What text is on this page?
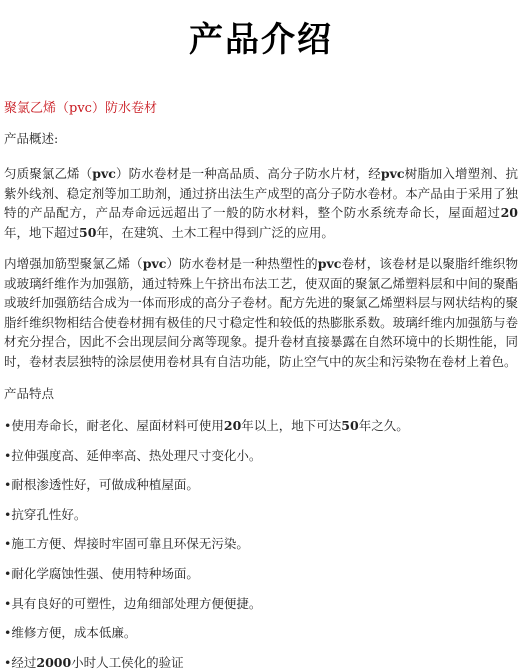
产品介绍
聚氯乙烯（pvc）防水卷材

产品概述:

匀质聚氯乙烯（pvc）防水卷材是一种高品质、高分子防水片材，经pvc树脂加入增塑剂、抗紫外线剂、稳定剂等加工助剂，通过挤出法生产成型的高分子防水卷材。本产品由于采用了独特的产品配方，产品寿命远远超出了一般的防水材料，整个防水系统寿命长，屋面超过20年，地下超过50年，在建筑、土木工程中得到广泛的应用。

内增强加筋型聚氯乙烯（pvc）防水卷材是一种热塑性的pvc卷材，该卷材是以聚脂纤维织物或玻璃纤维作为加强筋，通过特殊上午挤出布法工艺，使双面的聚氯乙烯塑料层和中间的聚酯或玻纤加强筋结合成为一体而形成的高分子卷材。配方先进的聚氯乙烯塑料层与网状结构的聚脂纤维织物相结合使卷材拥有极佳的尺寸稳定性和较低的热膨胀系数。玻璃纤维内加强筋与卷材充分捏合，因此不会出现层间分离等现象。提升卷材直接暴露在自然环境中的长期性能，同时，卷材表层独特的涂层使用卷材具有自洁功能，防止空气中的灰尘和污染物在卷材上着色。

产品特点

•使用寿命长，耐老化、屋面材料可使用20年以上，地下可达50年之久。
•拉伸强度高、延伸率高、热处理尺寸变化小。
•耐根渗透性好，可做成种植屋面。
•抗穿孔性好。
•施工方便、焊接时牢固可靠且环保无污染。
•耐化学腐蚀性强、使用特种场面。
•具有良好的可塑性，边角细部处理方便便捷。
•维修方便，成本低廉。
•经过2000小时人工侯化的验证
